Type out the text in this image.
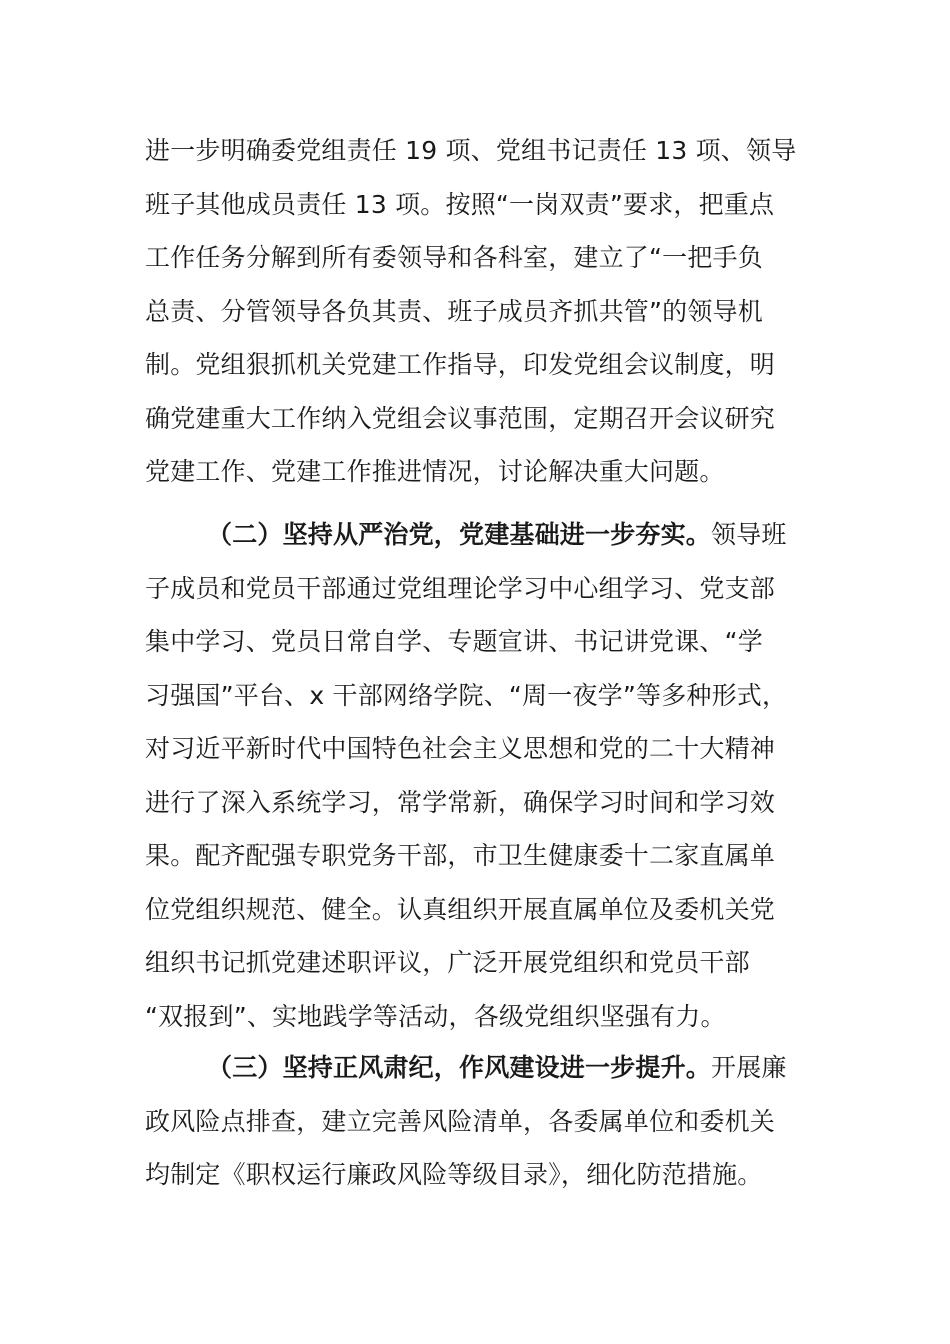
进一步明确委党组责任 19 项、党组书记责任 13 项、领导
班子其他成员责任 13 项。按照“一岗双责”要求，把重点
工作任务分解到所有委领导和各科室，建立了“一把手负
总责、分管领导各负其责、班子成员齐抓共管”的领导机
制。党组狠抓机关党建工作指导，印发党组会议制度，明
确党建重大工作纳入党组会议事范围，定期召开会议研究
党建工作、党建工作推进情况，讨论解决重大问题。
（二）坚持从严治党，党建基础进一步夯实。领导班
子成员和党员干部通过党组理论学习中心组学习、党支部
集中学习、党员日常自学、专题宣讲、书记讲党课、“学
习强国”平台、x 干部网络学院、“周一夜学”等多种形式，
对习近平新时代中国特色社会主义思想和党的二十大精神
进行了深入系统学习，常学常新，确保学习时间和学习效
果。配齐配强专职党务干部，市卫生健康委十二家直属单
位党组织规范、健全。认真组织开展直属单位及委机关党
组织书记抓党建述职评议，广泛开展党组织和党员干部
“双报到”、实地践学等活动，各级党组织坚强有力。
（三）坚持正风肃纪，作风建设进一步提升。开展廉
政风险点排查，建立完善风险清单，各委属单位和委机关
均制定《职权运行廉政风险等级目录》，细化防范措施。
